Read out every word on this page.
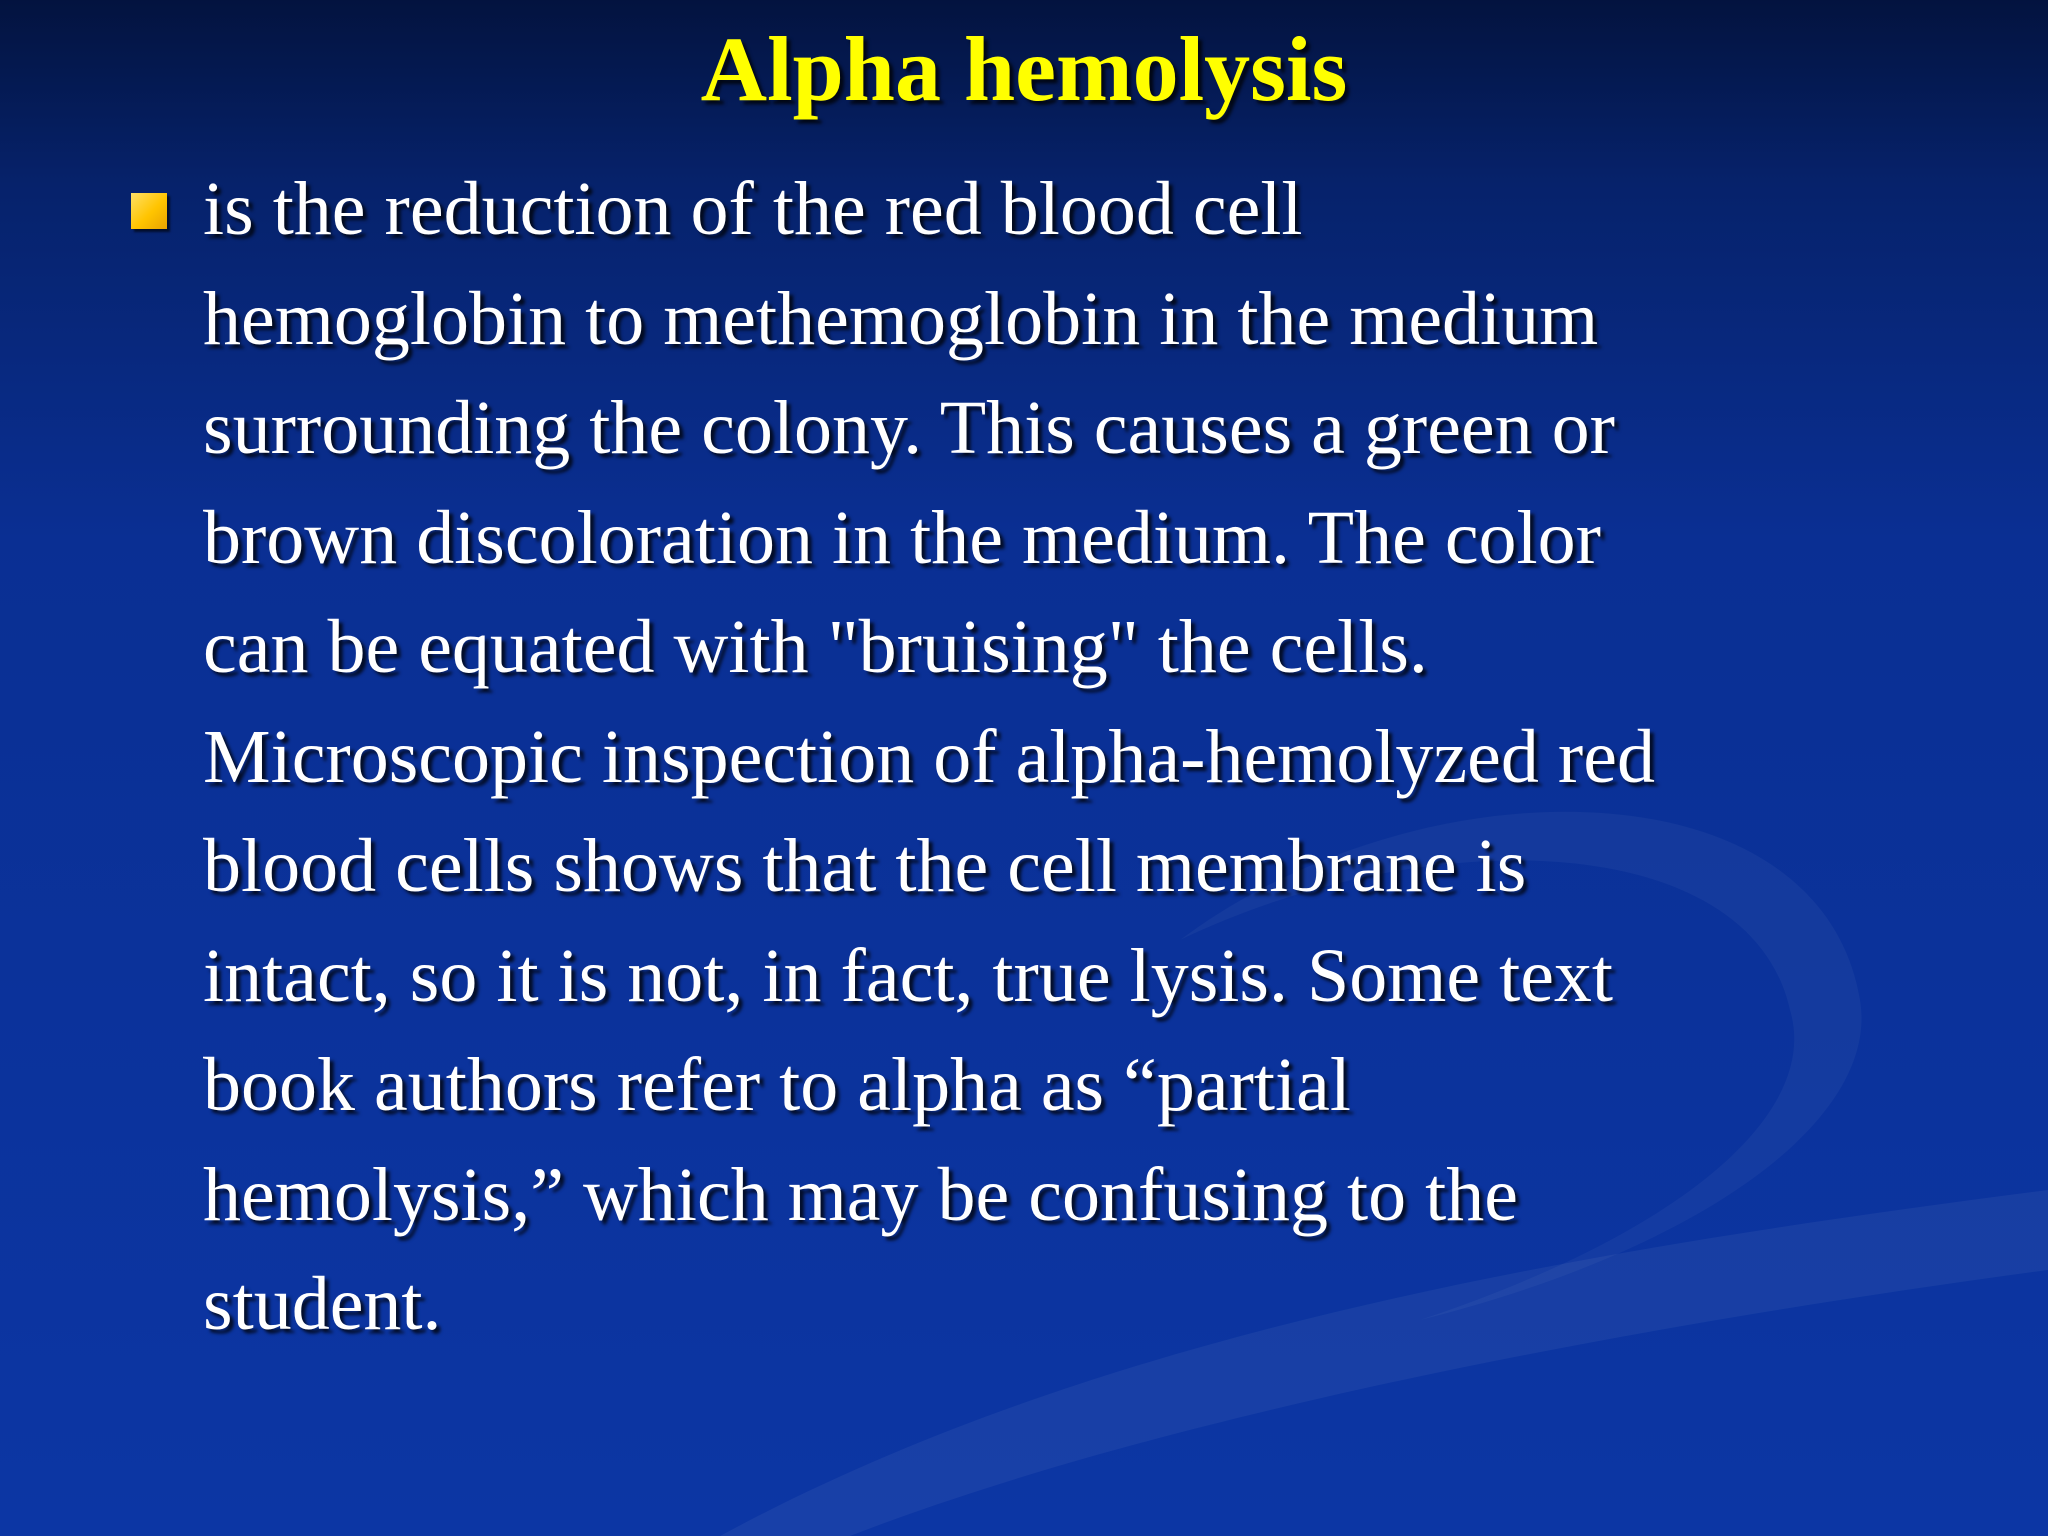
Alpha hemolysis
is the reduction of the red blood cell
hemoglobin to methemoglobin in the medium
surrounding the colony. This causes a green or
brown discoloration in the medium. The color
can be equated with "bruising" the cells.
Microscopic inspection of alpha-hemolyzed red
blood cells shows that the cell membrane is
intact, so it is not, in fact, true lysis. Some text
book authors refer to alpha as “partial
hemolysis,” which may be confusing to the
student.
